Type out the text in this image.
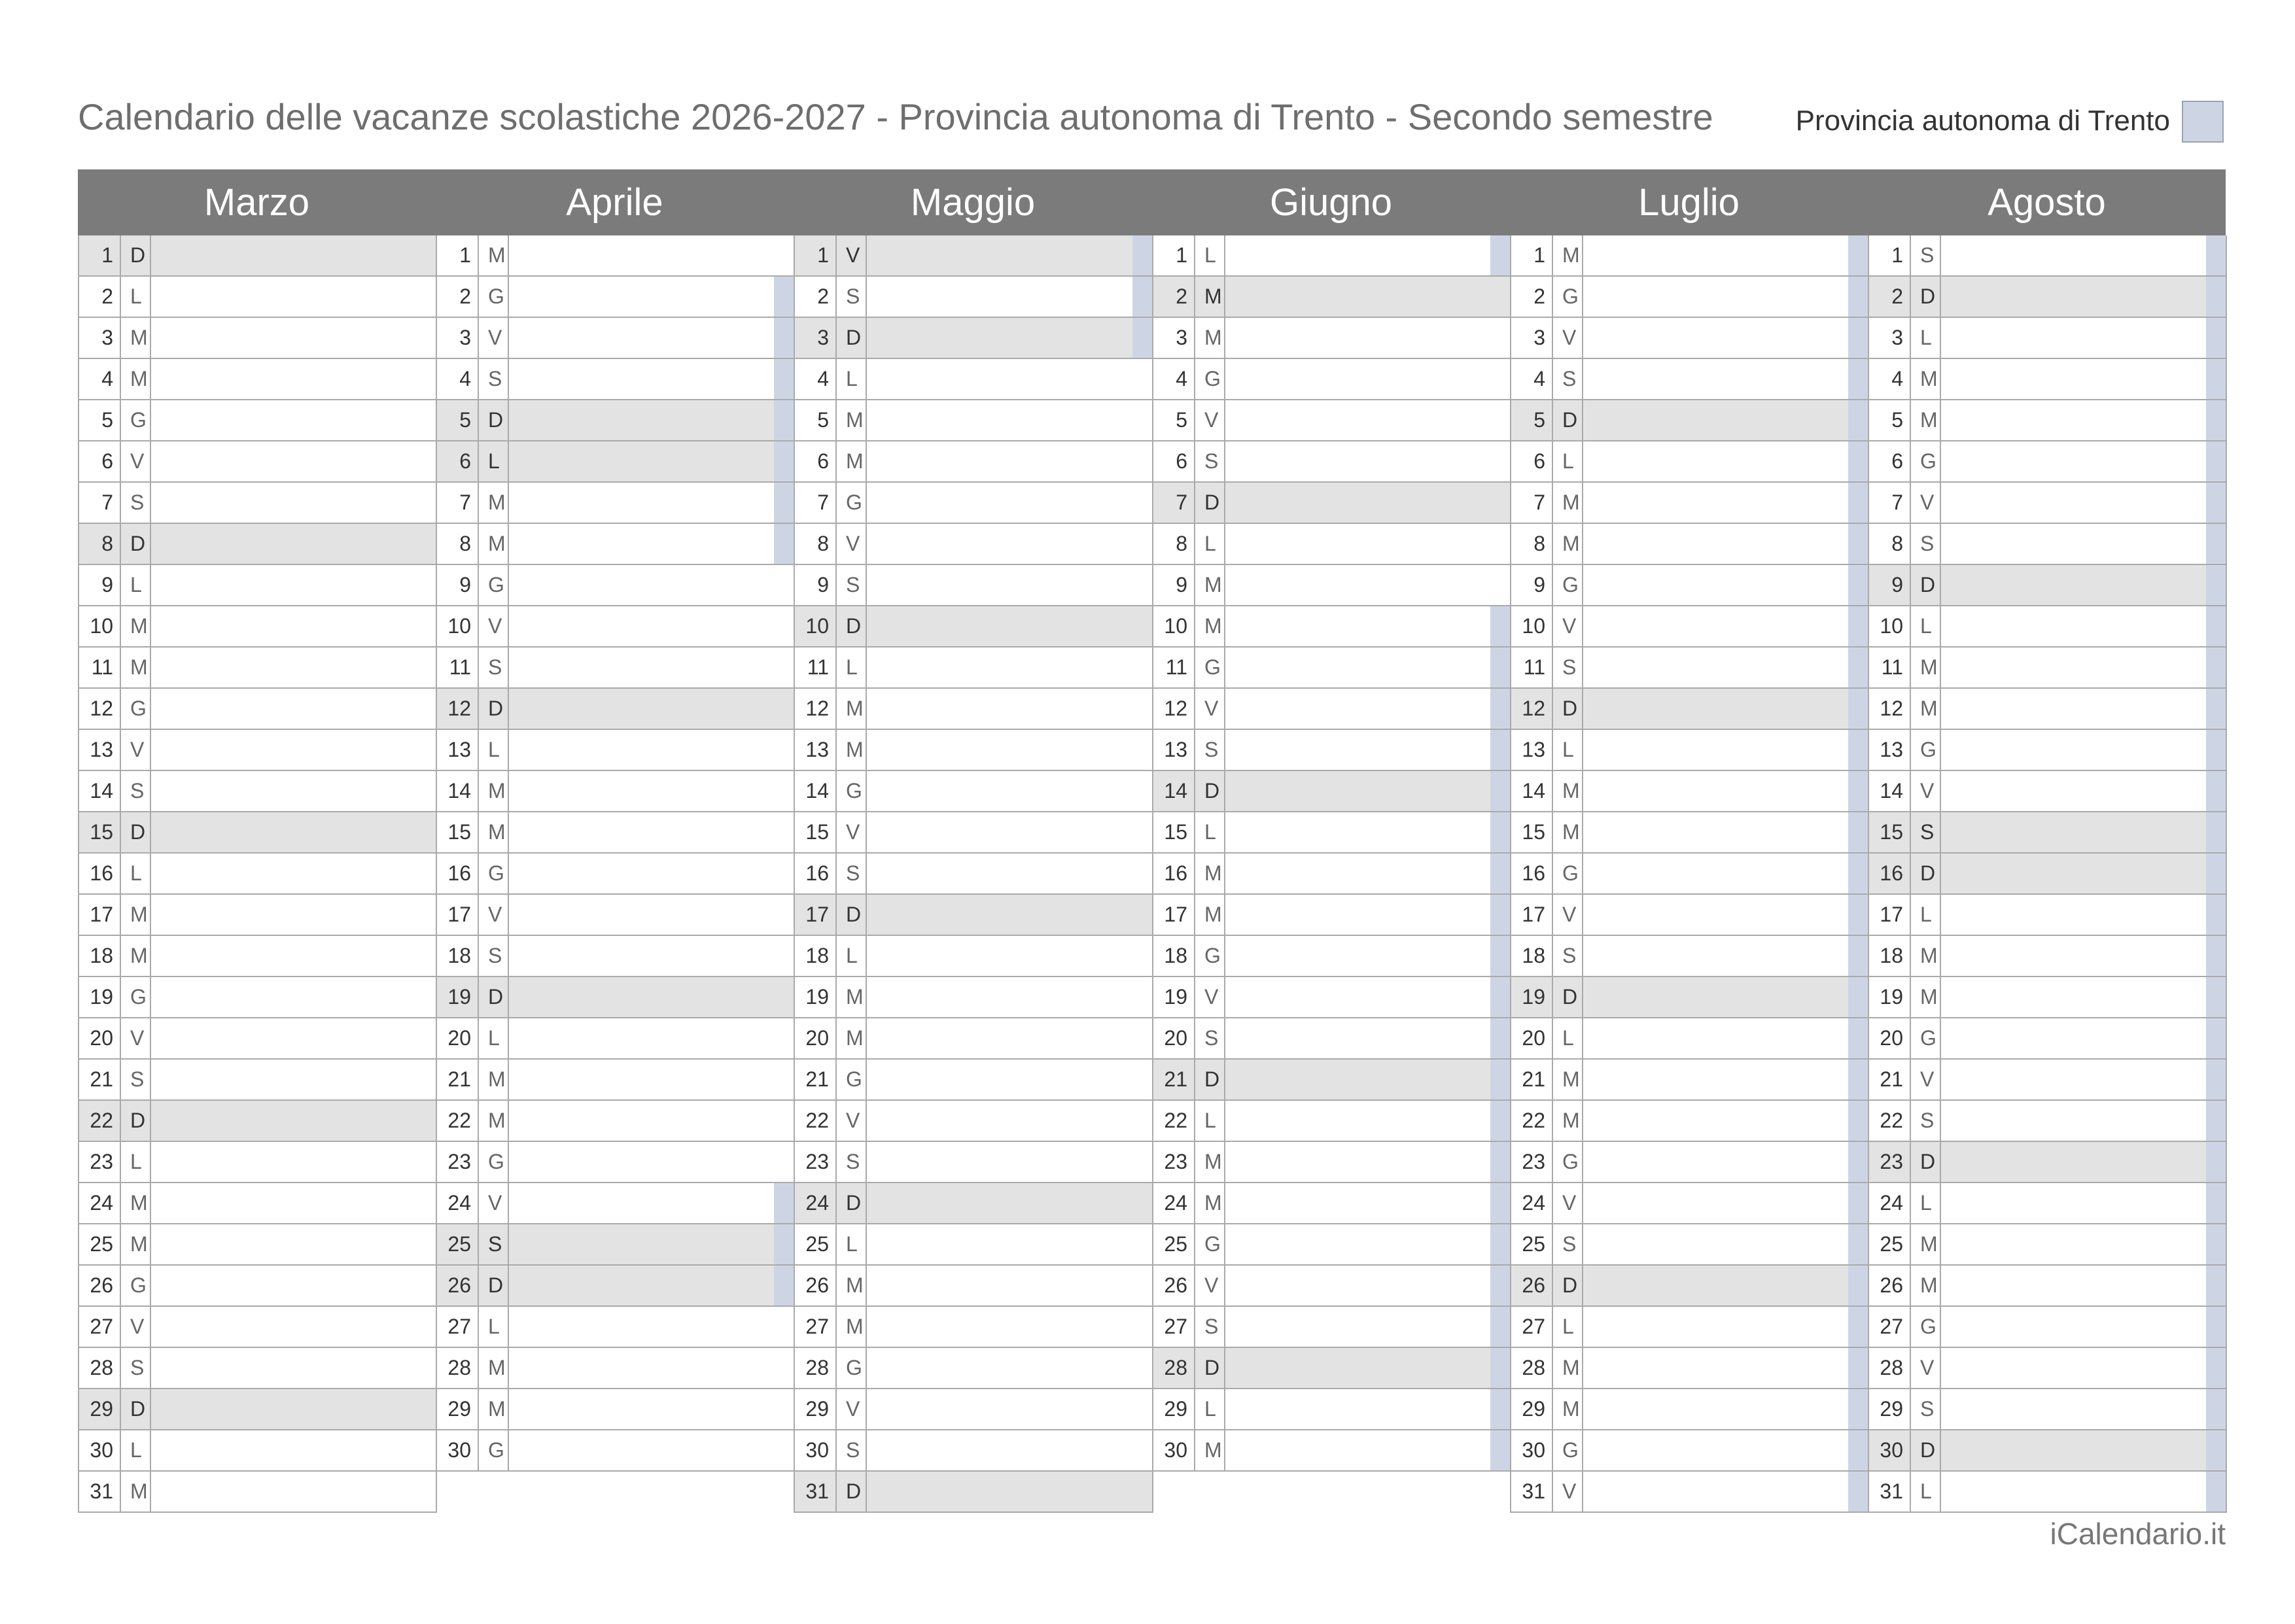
Calendario delle vacanze scolastiche 2026-2027 - Provincia autonoma di Trento - Secondo semestre	Provincia autonoma di Trento
Marzo
1 D
2 L
3 M
4 M
5 G
6 V
7 S
8 D
9 L
10 M
11 M
12 G
13 V
14 S
15 D
16 L
17 M
18 M
19 G
20 V
21 S
22 D
23 L
24 M
25 M
26 G
27 V
28 S
29 D
30 L
31 M
Aprile
1 M
2 G
3 V
4 S
5 D
6 L
7 M
8 M
9 G
10 V
11 S
12 D
13 L
14 M
15 M
16 G
17 V
18 S
19 D
20 L
21 M
22 M
23 G
24 V
25 S
26 D
27 L
28 M
29 M
30 G
Maggio
1 V
2 S
3 D
4 L
5 M
6 M
7 G
8 V
9 S
10 D
11 L
12 M
13 M
14 G
15 V
16 S
17 D
18 L
19 M
20 M
21 G
22 V
23 S
24 D
25 L
26 M
27 M
28 G
29 V
30 S
31 D
Giugno
1 L
2 M
3 M
4 G
5 V
6 S
7 D
8 L
9 M
10 M
11 G
12 V
13 S
14 D
15 L
16 M
17 M
18 G
19 V
20 S
21 D
22 L
23 M
24 M
25 G
26 V
27 S
28 D
29 L
30 M
Luglio
1 M
2 G
3 V
4 S
5 D
6 L
7 M
8 M
9 G
10 V
11 S
12 D
13 L
14 M
15 M
16 G
17 V
18 S
19 D
20 L
21 M
22 M
23 G
24 V
25 S
26 D
27 L
28 M
29 M
30 G
31 V
Agosto
1 S
2 D
3 L
4 M
5 M
6 G
7 V
8 S
9 D
10 L
11 M
12 M
13 G
14 V
15 S
16 D
17 L
18 M
19 M
20 G
21 V
22 S
23 D
24 L
25 M
26 M
27 G
28 V
29 S
30 D
31 L
iCalendario.it
